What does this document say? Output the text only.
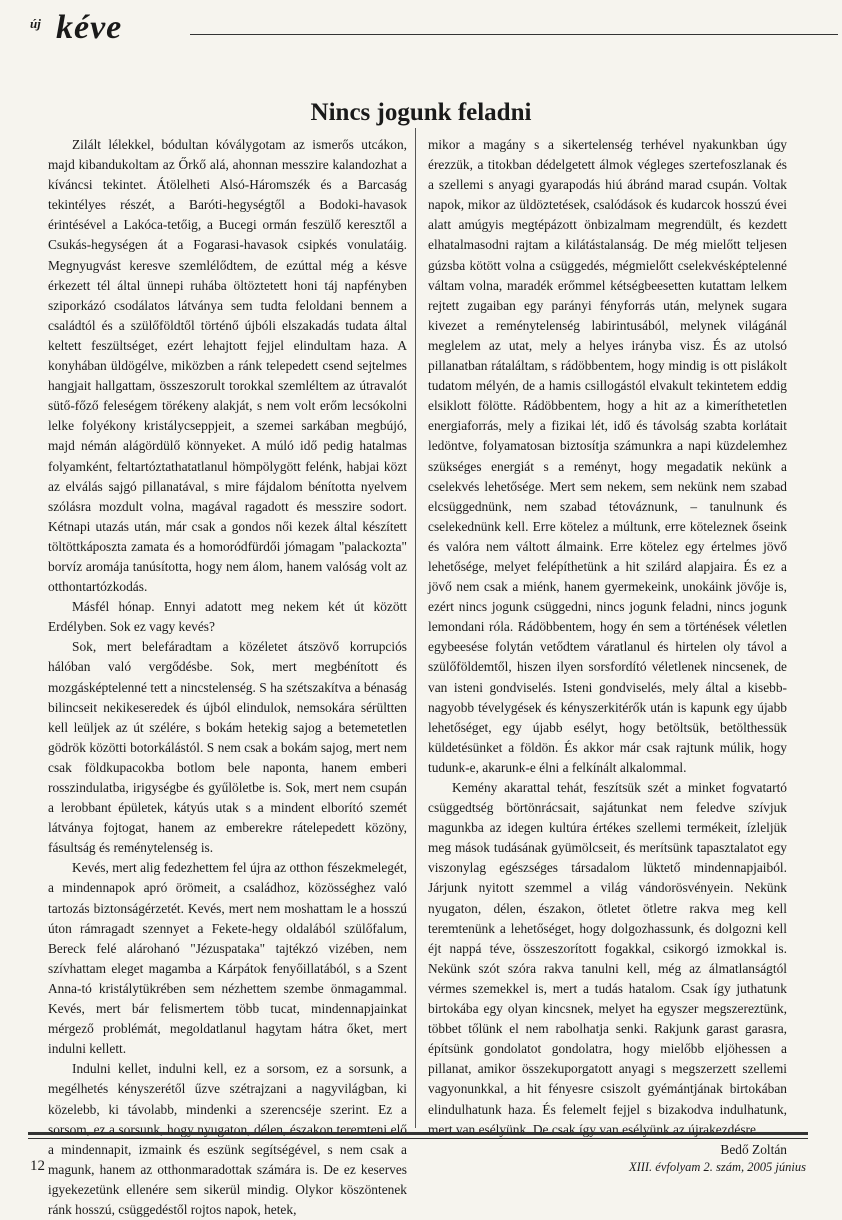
új kéve
Nincs jogunk feladni

Zilált lélekkel, bódultan kóválygotam az ismerős utcákon, majd kibandukoltam az Őrkő alá, ahonnan messzire kalandozhat a kíváncsi tekintet. Átölelheti Alsó-Háromszék és a Barcaság tekintélyes részét, a Baróti-hegységtől a Bodoki-havasok érintésével a Lakóca-tetőig, a Bucegi ormán feszülő keresztől a Csukás-hegységen át a Fogarasi-havasok csipkés vonulatáig. Megnyugvást keresve szemlélődtem, de ezúttal még a késve érkezett tél által ünnepi ruhába öltöztetett honi táj napfényben sziporkázó csodálatos látványa sem tudta feloldani bennem a családtól és a szülőföldtől történő újbóli elszakadás tudata által keltett feszültséget, ezért lehajtott fejjel elindultam haza. A konyhában üldögélve, miközben a ránk telepedett csend sejtelmes hangjait hallgattam, összeszorult torokkal szemléltem az útravalót sütő-főző feleségem törékeny alakját, s nem volt erőm lecsókolni lelke folyékony kristálycseppjeit, a szemei sarkában megbújó, majd némán alágördülő könnyeket. A múló idő pedig hatalmas folyamként, feltartóztathatatlanul hömpölygött felénk, habjai közt az elválás sajgó pillanatával, s mire fájdalom bénította nyelvem szólásra mozdult volna, magával ragadott és messzire sodort. Kétnapi utazás után, már csak a gondos női kezek által készített töltöttkáposzta zamata és a homoródfürdői jómagam "palackozta" borvíz aromája tanúsította, hogy nem álom, hanem valóság volt az otthontartózkodás.

Másfél hónap. Ennyi adatott meg nekem két út között Erdélyben. Sok ez vagy kevés?

Sok, mert belefáradtam a közéletet átszövő korrupciós hálóban való vergődésbe. Sok, mert megbénított és mozgásképtelenné tett a nincstelenség. S ha szétszakítva a bénaság bilincseit nekikeseredek és újból elindulok, nemsokára sérültten kell leüljek az út szélére, s bokám hetekig sajog a betemetetlen gödrök közötti botorkálástól. S nem csak a bokám sajog, mert nem csak földkupacokba botlom bele naponta, hanem emberi rosszindulatba, irigységbe és gyűlöletbe is. Sok, mert nem csupán a lerobbant épületek, kátyús utak s a mindent elborító szemét látványa fojtogat, hanem az emberekre rátelepedett közöny, fásultság és reménytelenség is.

Kevés, mert alig fedezhettem fel újra az otthon fészekmelegét, a mindennapok apró örömeit, a családhoz, közösséghez való tartozás biztonságérzetét. Kevés, mert nem moshattam le a hosszú úton rámragadt szennyet a Fekete-hegy oldalából szülőfalum, Bereck felé alárohanó "Jézuspataka" tajtékzó vizében, nem szívhattam eleget magamba a Kárpátok fenyőillatából, s a Szent Anna-tó kristálytükrében sem nézhettem szembe önmagammal. Kevés, mert bár felismertem több tucat, mindennapjainkat mérgező problémát, megoldatlanul hagytam hátra őket, mert indulni kellett.

Indulni kellet, indulni kell, ez a sorsom, ez a sorsunk, a megélhetés kényszerétől űzve szétrajzani a nagyvilágban, ki közelebb, ki távolabb, mindenki a szerencséje szerint. Ez a sorsom, ez a sorsunk, hogy nyugaton, délen, északon teremteni elő a mindennapit, izmaink és eszünk segítségével, s nem csak a magunk, hanem az otthonmaradottak számára is. De ez keserves igyekezetünk ellenére sem sikerül mindig. Olykor köszöntenek ránk hosszú, csüggedéstől rojtos napok, hetek,

mikor a magány s a sikertelenség terhével nyakunkban úgy érezzük, a titokban dédelgetett álmok végleges szertefoszlanak és a szellemi s anyagi gyarapodás hiú ábránd marad csupán. Voltak napok, mikor az üldöztetések, csalódások és kudarcok hosszú évei alatt amúgyis megtépázott önbizalmam megrendült, és kezdett elhatalmasodni rajtam a kilátástalanság. De még mielőtt teljesen gúzsba kötött volna a csüggedés, mégmielőtt cselekvésképtelenné váltam volna, maradék erőmmel kétségbeesetten kutattam lelkem rejtett zugaiban egy parányi fényforrás után, melynek sugara kivezet a reménytelenség labirintusából, melynek világánál meglelem az utat, mely a helyes irányba visz. És az utolsó pillanatban rátaláltam, s rádöbbentem, hogy mindig is ott pislákolt tudatom mélyén, de a hamis csillogástól elvakult tekintetem eddig elsiklott fölötte. Rádöbbentem, hogy a hit az a kimeríthetetlen energiaforrás, mely a fizikai lét, idő és távolság szabta korlátait ledöntve, folyamatosan biztosítja számunkra a napi küzdelemhez szükséges energiát s a reményt, hogy megadatik nekünk a cselekvés lehetősége. Mert sem nekem, sem nekünk nem szabad elcsüggednünk, nem szabad tétováznunk, – tanulnunk és cselekednünk kell. Erre kötelez a múltunk, erre köteleznek őseink és valóra nem váltott álmaink. Erre kötelez egy értelmes jövő lehetősége, melyet felépíthetünk a hit szilárd alapjaira. És ez a jövő nem csak a miénk, hanem gyermekeink, unokáink jövője is, ezért nincs jogunk csüggedni, nincs jogunk feladni, nincs jogunk lemondani róla. Rádöbbentem, hogy én sem a történések véletlen egybeesése folytán vetődtem váratlanul és hirtelen oly távol a szülőföldemtől, hiszen ilyen sorsfordító véletlenek nincsenek, de van isteni gondviselés. Isteni gondviselés, mely által a kisebb-nagyobb tévelygések és kényszerkitérők után is kapunk egy újabb lehetőséget, egy újabb esélyt, hogy betöltsük, betölthessük küldetésünket a földön. És akkor már csak rajtunk múlik, hogy tudunk-e, akarunk-e élni a felkínált alkalommal.

Kemény akarattal tehát, feszítsük szét a minket fogvatartó csüggedtség börtönrácsait, sajátunkat nem feledve szívjuk magunkba az idegen kultúra értékes szellemi termékeit, ízleljük meg mások tudásának gyümölcseit, és merítsünk tapasztalatot egy viszonylag egészséges társadalom lüktető mindennapjaiból. Járjunk nyitott szemmel a világ vándorösvényein. Nekünk nyugaton, délen, északon, ötletet ötletre rakva meg kell teremtenünk a lehetőséget, hogy dolgozhassunk, és dolgozni kell éjt nappá téve, összeszorított fogakkal, csikorgó izmokkal is. Nekünk szót szóra rakva tanulni kell, még az álmatlanságtól vérmes szemekkel is, mert a tudás hatalom. Csak így juthatunk birtokába egy olyan kincsnek, melyet ha egyszer megszereztünk, többet tőlünk el nem rabolhatja senki. Rakjunk garast garasra, építsünk gondolatot gondolatra, hogy mielőbb eljöhessen a pillanat, amikor összekuporgatott anyagi s megszerzett szellemi vagyonunkkal, a hit fényesre csiszolt gyémántjának birtokában elindulhatunk haza. És felemelt fejjel s bizakodva indulhatunk, mert van esélyünk. De csak így van esélyünk az újrakezdésre.

Bedő Zoltán

12	XIII. évfolyam 2. szám, 2005 június
